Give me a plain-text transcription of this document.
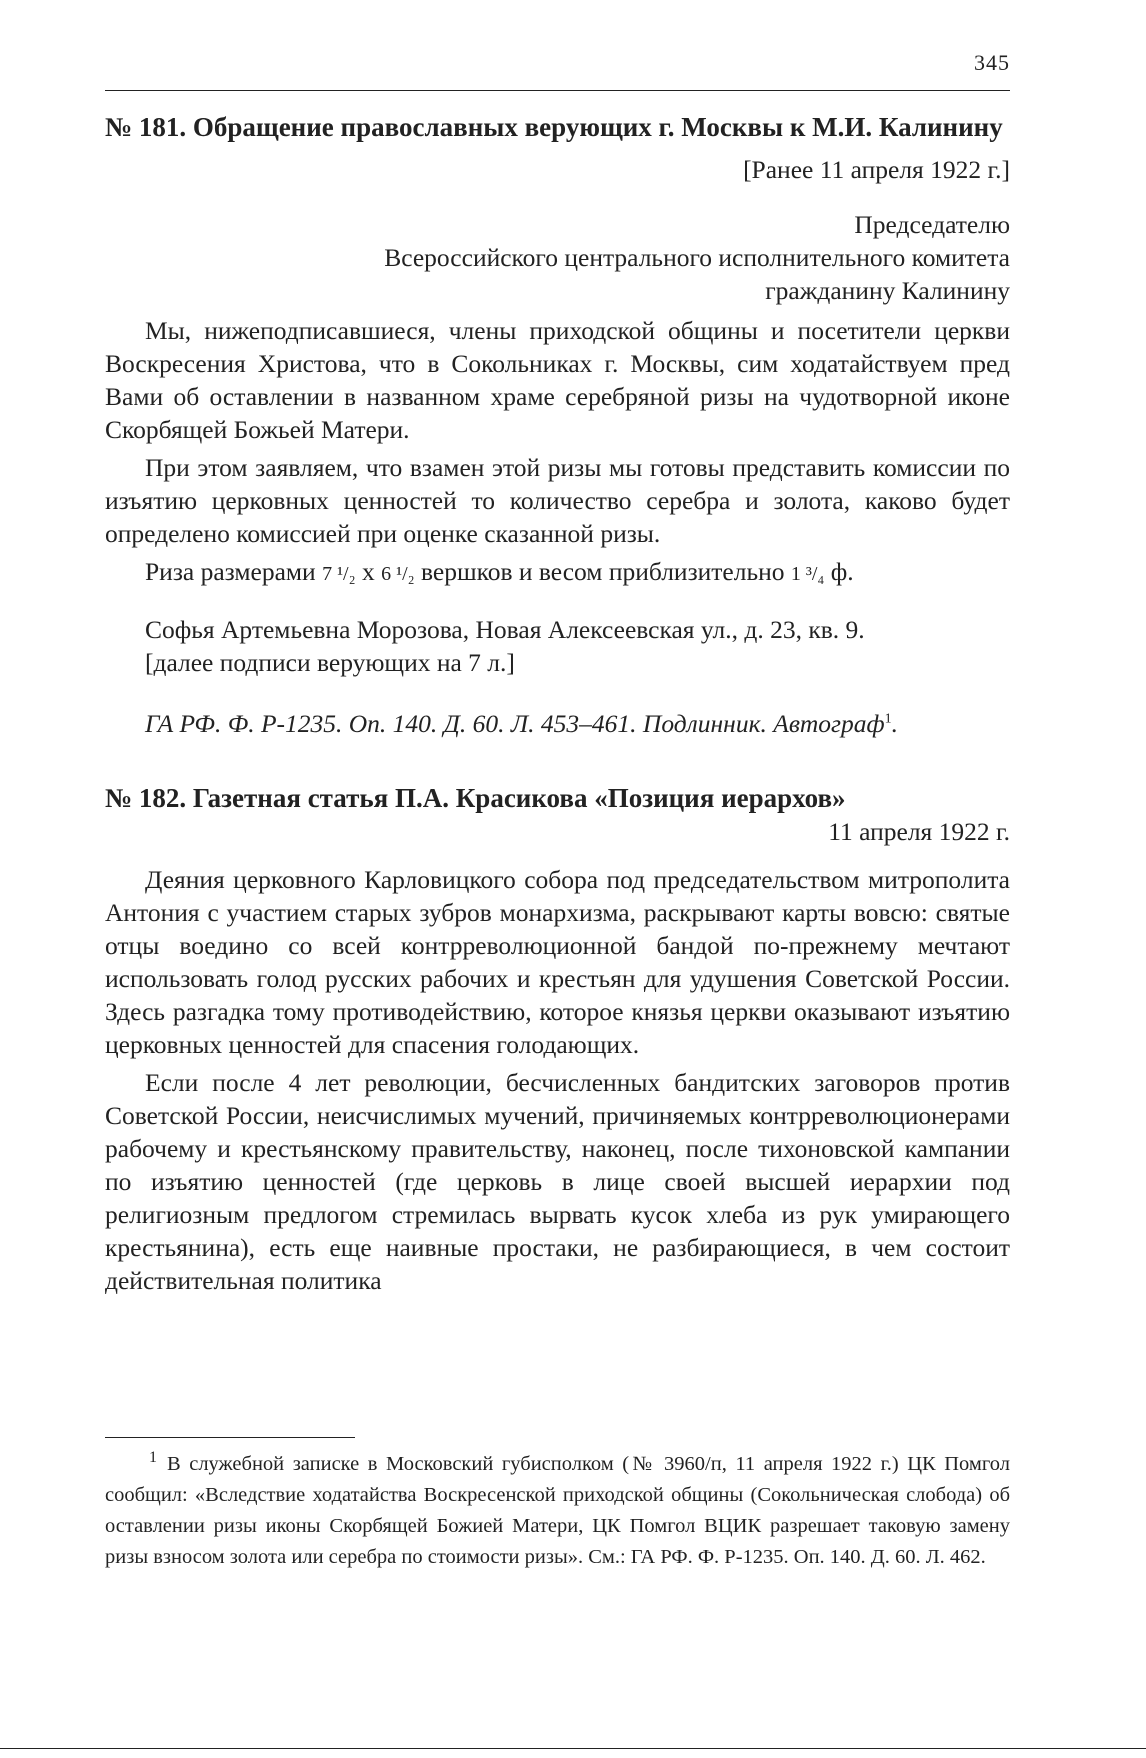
345
№ 181. Обращение православных верующих г. Москвы к М.И. Калинину
[Ранее 11 апреля 1922 г.]
Председателю
Всероссийского центрального исполнительного комитета
гражданину Калинину

Мы, нижеподписавшиеся, члены приходской общины и посетители церкви Воскресения Христова, что в Сокольниках г. Москвы, сим ходатайствуем пред Вами об оставлении в названном храме серебряной ризы на чудотворной иконе Скорбящей Божьей Матери.

При этом заявляем, что взамен этой ризы мы готовы представить комиссии по изъятию церковных ценностей то количество серебра и золота, каково будет определено комиссией при оценке сказанной ризы.

Риза размерами 7 ¹/₂ х 6 ¹/₂ вершков и весом приблизительно 1 ³/₄ ф.

Софья Артемьевна Морозова, Новая Алексеевская ул., д. 23, кв. 9.
[далее подписи верующих на 7 л.]
ГА РФ. Ф. Р-1235. Оп. 140. Д. 60. Л. 453–461. Подлинник. Автограф$^1$.
№ 182. Газетная статья П.А. Красикова «Позиция иерархов»
11 апреля 1922 г.

Деяния церковного Карловицкого собора под председательством митрополита Антония с участием старых зубров монархизма, раскрывают карты вовсю: святые отцы воедино со всей контрреволюционной бандой по-прежнему мечтают использовать голод русских рабочих и крестьян для удушения Советской России. Здесь разгадка тому противодействию, которое князья церкви оказывают изъятию церковных ценностей для спасения голодающих.

Если после 4 лет революции, бесчисленных бандитских заговоров против Советской России, неисчислимых мучений, причиняемых контрреволюционерами рабочему и крестьянскому правительству, наконец, после тихоновской кампании по изъятию ценностей (где церковь в лице своей высшей иерархии под религиозным предлогом стремилась вырвать кусок хлеба из рук умирающего крестьянина), есть еще наивные простаки, не разбирающиеся, в чем состоит действительная политика

$^1$ В служебной записке в Московский губисполком (№ 3960/п, 11 апреля 1922 г.) ЦК Помгол сообщил: «Вследствие ходатайства Воскресенской приходской общины (Сокольническая слобода) об оставлении ризы иконы Скорбящей Божией Матери, ЦК Помгол ВЦИК разрешает таковую замену ризы взносом золота или серебра по стоимости ризы». См.: ГА РФ. Ф. Р-1235. Оп. 140. Д. 60. Л. 462.
